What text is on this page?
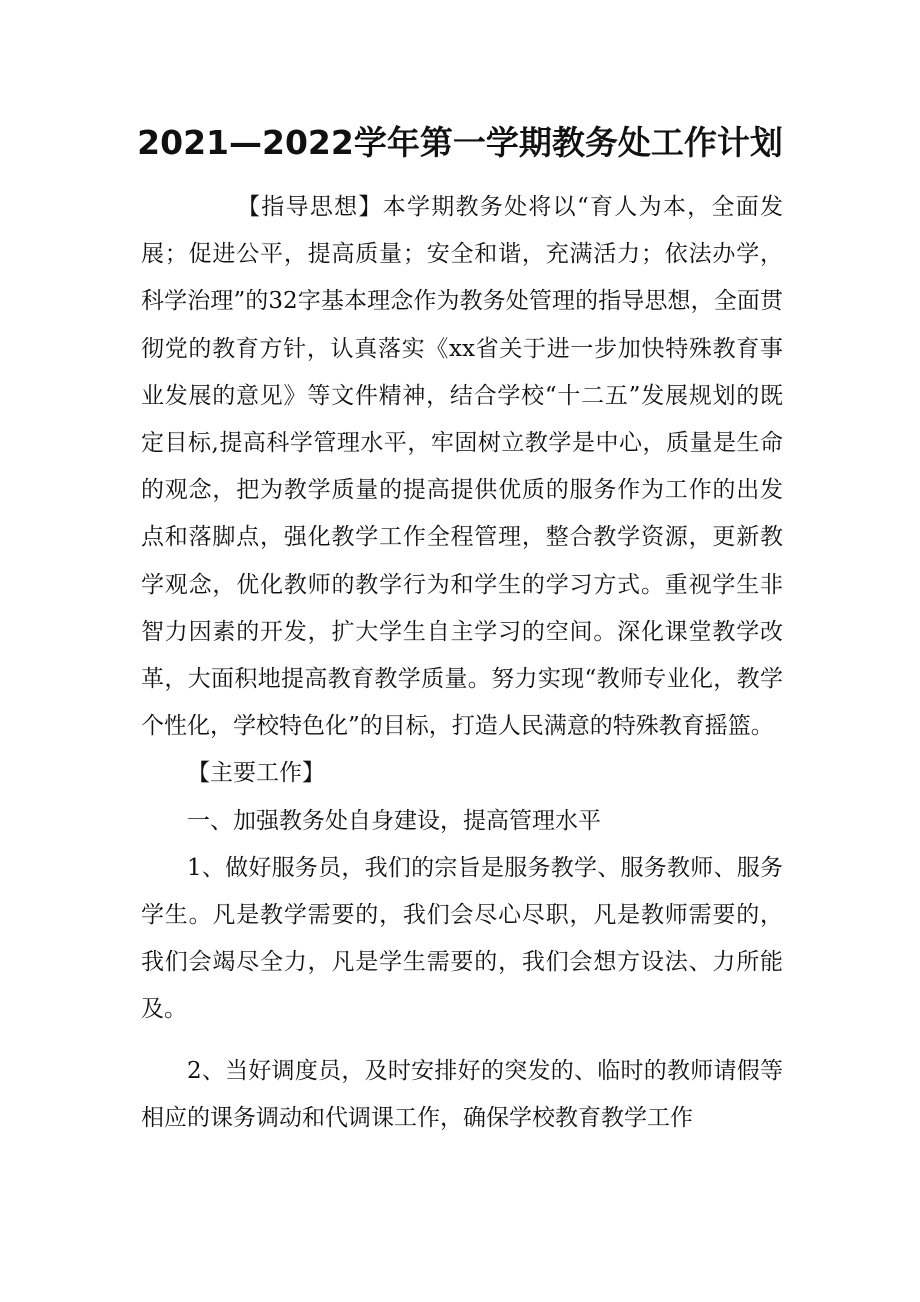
2021—2022学年第一学期教务处工作计划

【指导思想】本学期教务处将以“育人为本，全面发展；促进公平，提高质量；安全和谐，充满活力；依法办学，科学治理”的32字基本理念作为教务处管理的指导思想，全面贯彻党的教育方针，认真落实《xx省关于进一步加快特殊教育事业发展的意见》等文件精神，结合学校“十二五”发展规划的既定目标,提高科学管理水平，牢固树立教学是中心，质量是生命的观念，把为教学质量的提高提供优质的服务作为工作的出发点和落脚点，强化教学工作全程管理，整合教学资源，更新教学观念，优化教师的教学行为和学生的学习方式。重视学生非智力因素的开发，扩大学生自主学习的空间。深化课堂教学改革，大面积地提高教育教学质量。努力实现“教师专业化，教学个性化，学校特色化”的目标，打造人民满意的特殊教育摇篮。

【主要工作】

一、加强教务处自身建设，提高管理水平

1、做好服务员，我们的宗旨是服务教学、服务教师、服务学生。凡是教学需要的，我们会尽心尽职，凡是教师需要的，我们会竭尽全力，凡是学生需要的，我们会想方设法、力所能及。

2、当好调度员，及时安排好的突发的、临时的教师请假等相应的课务调动和代调课工作，确保学校教育教学工作
